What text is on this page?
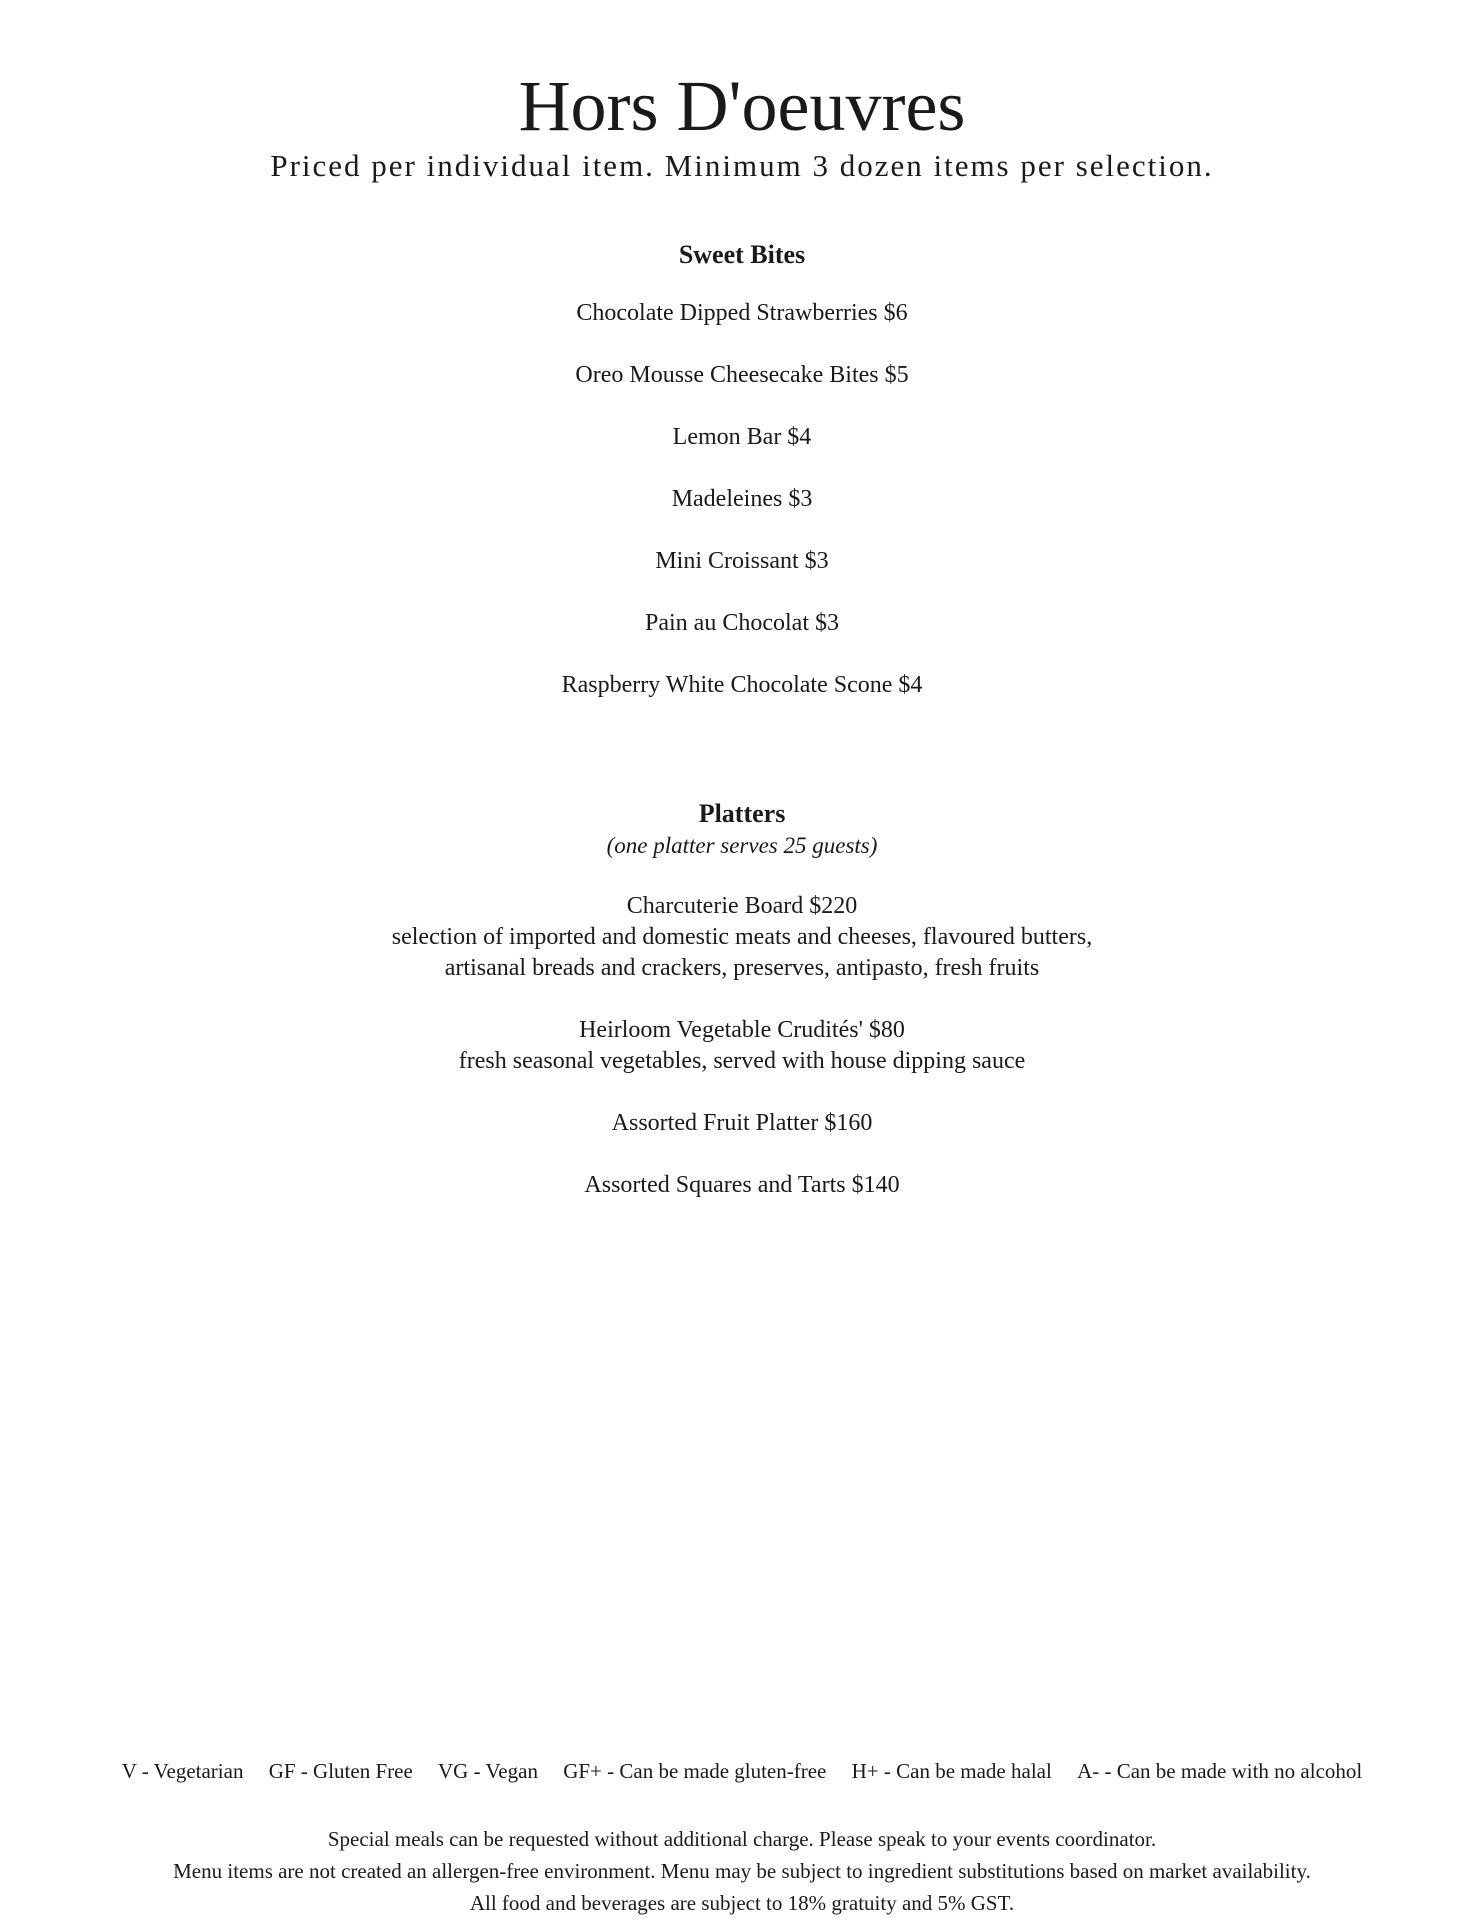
Hors D'oeuvres

Priced per individual item. Minimum 3 dozen items per selection.

Sweet Bites
Chocolate Dipped Strawberries $6
Oreo Mousse Cheesecake Bites $5
Lemon Bar $4
Madeleines $3
Mini Croissant $3
Pain au Chocolat $3
Raspberry White Chocolate Scone $4
Platters

(one platter serves 25 guests)

Charcuterie Board $220
selection of imported and domestic meats and cheeses, flavoured butters,
artisanal breads and crackers, preserves, antipasto, fresh fruits
Heirloom Vegetable Crudités' $80
fresh seasonal vegetables, served with house dipping sauce
Assorted Fruit Platter $160
Assorted Squares and Tarts $140
V - Vegetarian GF - Gluten Free VG - Vegan GF+ - Can be made gluten-free H+ - Can be made halal A- - Can be made with no alcohol
Special meals can be requested without additional charge. Please speak to your events coordinator.
Menu items are not created an allergen-free environment. Menu may be subject to ingredient substitutions based on market availability.
All food and beverages are subject to 18% gratuity and 5% GST.
